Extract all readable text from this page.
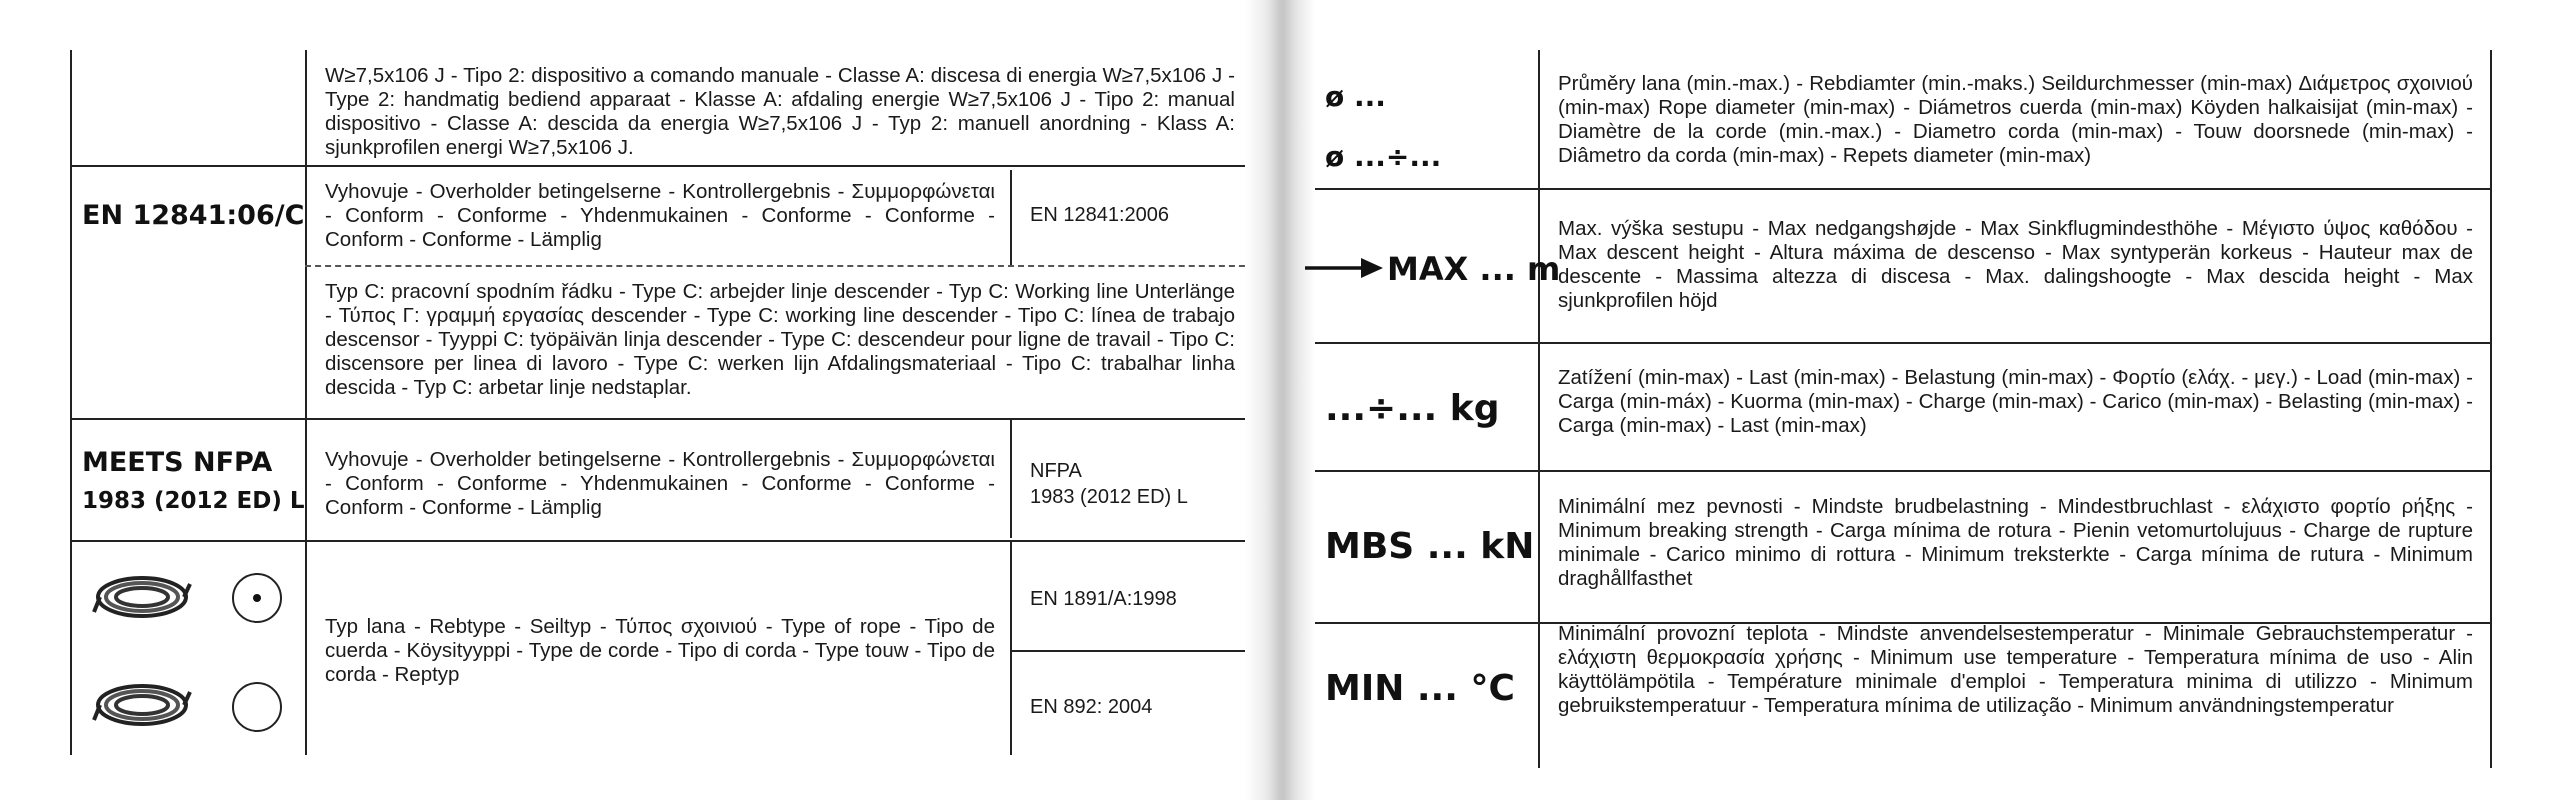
W≥7,5x106 J - Tipo 2: dispositivo a comando manuale - Classe A: discesa di energia W≥7,5x106 J - Type 2: handmatig bediend apparaat - Klasse A: afdaling energie W≥7,5x106 J - Tipo 2: manual dispositivo - Classe A: descida da energia W≥7,5x106 J - Typ 2: manuell anordning - Klass A: sjunkprofilen energi W≥7,5x106 J.
EN 12841:06/C
Vyhovuje - Overholder betingelserne - Kontrollergebnis - Συμμορφώνεται - Conform - Conforme - Yhdenmukainen - Conforme - Conforme - Conform - Conforme - Lämplig
EN 12841:2006
Typ C: pracovní spodním řádku - Type C: arbejder linje descender - Typ C: Working line Unterlänge - Τύπος Γ: γραμμή εργασίας descender - Type C: working line descender - Tipo C: línea de trabajo descensor - Tyyppi C: työpäivän linja descender - Type C: descendeur pour ligne de travail - Tipo C: discensore per linea di lavoro - Type C: werken lijn Afdalingsmateriaal - Tipo C: trabalhar linha descida - Typ C: arbetar linje nedstaplar.
MEETS NFPA
1983 (2012 ED) L
Vyhovuje - Overholder betingelserne - Kontrollergebnis - Συμμορφώνεται - Conform - Conforme - Yhdenmukainen - Conforme - Conforme - Conform - Conforme - Lämplig
NFPA
1983 (2012 ED) L
Typ lana - Rebtype - Seiltyp - Τύπος σχοινιού - Type of rope - Tipo de cuerda - Köysityyppi - Type de corde - Tipo di corda - Type touw - Tipo de corda - Reptyp
EN 1891/A:1998
EN 892: 2004
ø ...
ø ...÷...
Průměry lana (min.-max.) - Rebdiamter (min.-maks.) Seildurchmesser (min-max) Διάμετρος σχοινιού (min-max) Rope diameter (min-max) - Diámetros cuerda (min-max) Köyden halkaisijat (min-max) - Diamètre de la corde (min.-max.) - Diametro corda (min-max) - Touw doorsnede (min-max) - Diâmetro da corda (min-max) - Repets diameter (min-max)
MAX ... m
Max. výška sestupu - Max nedgangshøjde - Max Sinkflugmindesthöhe - Μέγιστο ύψος καθόδου - Max descent height - Altura máxima de descenso - Max syntyperän korkeus - Hauteur max de descente - Massima altezza di discesa - Max. dalingshoogte - Max descida height - Max sjunkprofilen höjd
...÷... kg
Zatížení (min-max) - Last (min-max) - Belastung (min-max) - Φορτίο (ελάχ. - μεγ.) - Load (min-max) - Carga (min-máx) - Kuorma (min-max) - Charge (min-max) - Carico (min-max) - Belasting (min-max) - Carga (min-max) - Last (min-max)
MBS ... kN
Minimální mez pevnosti - Mindste brudbelastning - Mindestbruchlast - ελάχιστο φορτίο ρήξης - Minimum breaking strength - Carga mínima de rotura - Pienin vetomurtolujuus - Charge de rupture minimale - Carico minimo di rottura - Minimum treksterkte - Carga mínima de rutura - Minimum draghållfasthet
MIN ... °C
Minimální provozní teplota - Mindste anvendelsestemperatur - Minimale Gebrauchstemperatur - ελάχιστη θερμοκρασία χρήσης - Minimum use temperature - Temperatura mínima de uso - Alin käyttölämpötila - Température minimale d'emploi - Temperatura minima di utilizzo - Minimum gebruikstemperatuur - Temperatura mínima de utilização - Minimum användningstemperatur
